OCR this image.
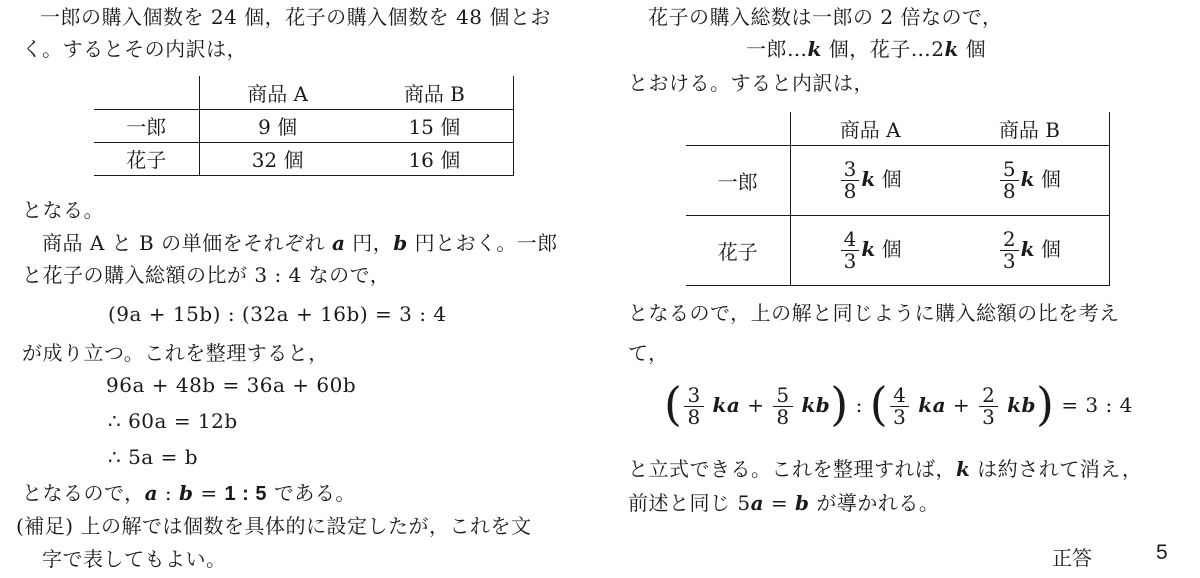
一郎の購入個数を 24 個，花子の購入個数を 48 個とお
く。するとその内訳は，
	商品 A	商品 B
一郎	9 個	15 個
花子	32 個	16 個
となる。
商品 A と B の単価をそれぞれ a 円，b 円とおく。一郎
と花子の購入総額の比が 3 : 4 なので，
(9a + 15b) : (32a + 16b) = 3 : 4
が成り立つ。これを整理すると，
96a + 48b = 36a + 60b
∴ 60a = 12b
∴ 5a = b
となるので，a : b = 1 : 5 である。
(補足) 上の解では個数を具体的に設定したが，これを文
字で表してもよい。
花子の購入総数は一郎の 2 倍なので，
一郎…k 個，花子…2k 個
とおける。すると内訳は，
	商品 A	商品 B
一郎	$\frac{3}{8}$ k 個	$\frac{5}{8}$ k 個
花子	$\frac{4}{3}$ k 個	$\frac{2}{3}$ k 個
となるので，上の解と同じように購入総額の比を考え
て，
( $\frac{3}{8}$ ka + $\frac{5}{8} kb$) : ( $\frac{4}{3}$ ka + $\frac{2}{3} kb) = 3$ : 4
と立式できる。これを整理すれば，k は約されて消え，
前述と同じ 5a = b が導かれる。
正答	5
